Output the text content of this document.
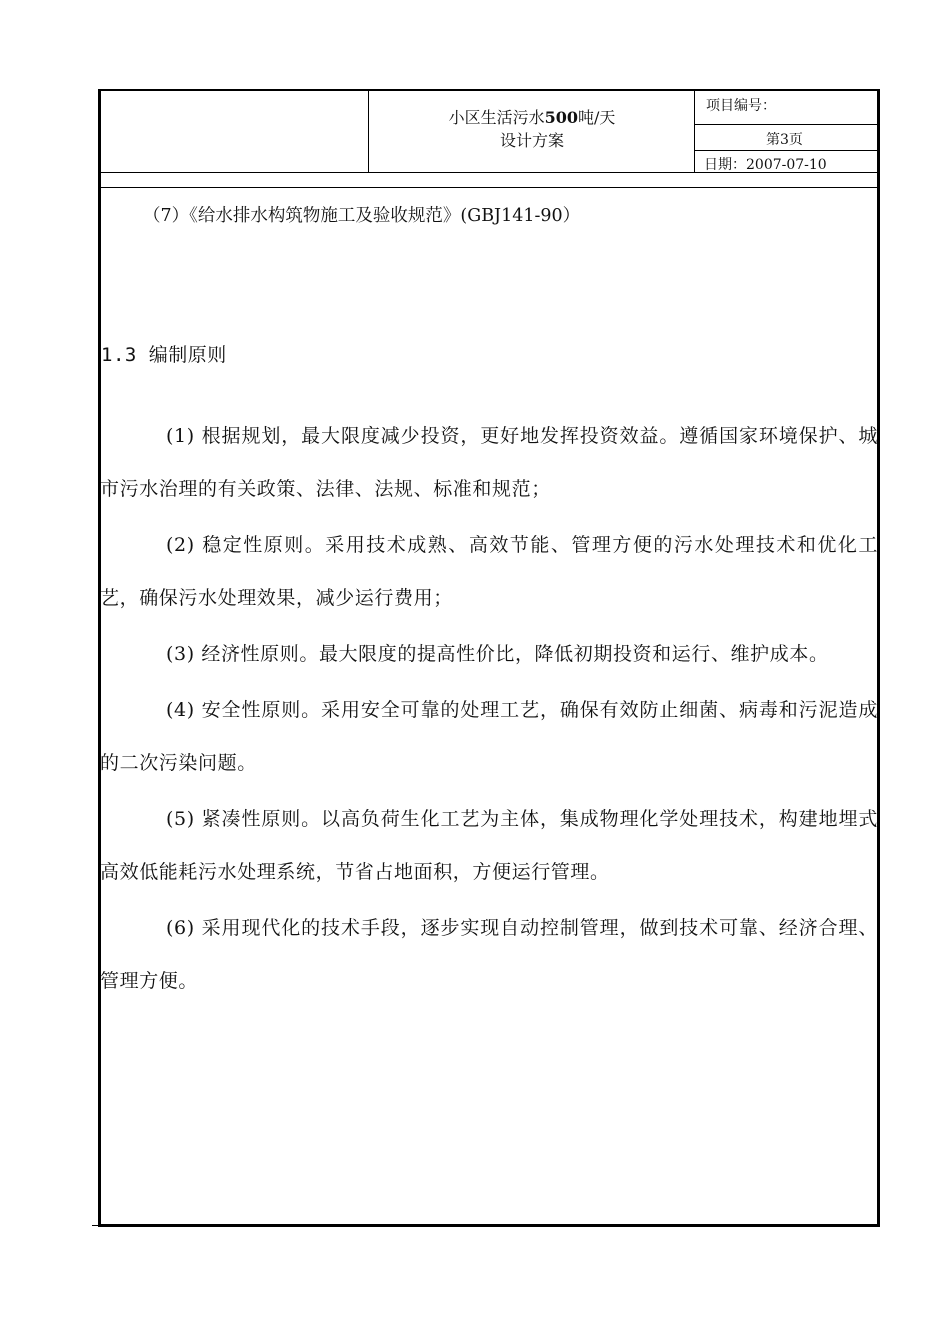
小区生活污水500吨/天
设计方案
项目编号：
第3页
日期：2007-07-10
（7）《给水排水构筑物施工及验收规范》(GBJ141-90）
1.3 编制原则

(1) 根据规划，最大限度减少投资，更好地发挥投资效益。遵循国家环境保护、城市污水治理的有关政策、法律、法规、标准和规范；

(2) 稳定性原则。采用技术成熟、高效节能、管理方便的污水处理技术和优化工艺，确保污水处理效果，减少运行费用；

(3) 经济性原则。最大限度的提高性价比，降低初期投资和运行、维护成本。

(4) 安全性原则。采用安全可靠的处理工艺，确保有效防止细菌、病毒和污泥造成的二次污染问题。

(5) 紧凑性原则。以高负荷生化工艺为主体，集成物理化学处理技术，构建地埋式高效低能耗污水处理系统，节省占地面积，方便运行管理。

(6) 采用现代化的技术手段，逐步实现自动控制管理，做到技术可靠、经济合理、管理方便。
